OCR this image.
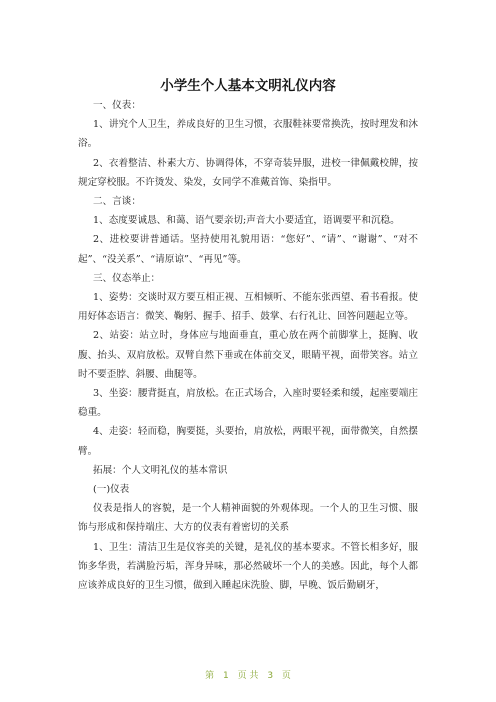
小学生个人基本文明礼仪内容

一、仪表：

1、讲究个人卫生，养成良好的卫生习惯，衣服鞋袜要常换洗，按时理发和沐浴。

2、衣着整洁、朴素大方、协调得体，不穿奇装异服，进校一律佩戴校牌，按规定穿校服。不许烫发、染发，女同学不准戴首饰、染指甲。

二、言谈：

1、态度要诚恳、和蔼、语气要亲切;声音大小要适宜，语调要平和沉稳。

2、进校要讲普通话。坚持使用礼貌用语：“您好”、“请”、“谢谢”、“对不起”、“没关系”、“请原谅”、“再见”等。

三、仪态举止：

1、姿势：交谈时双方要互相正视、互相倾听、不能东张西望、看书看报。使用好体态语言：微笑、鞠躬、握手、招手、鼓掌、右行礼让、回答问题起立等。

2、站姿：站立时，身体应与地面垂直，重心放在两个前脚掌上，挺胸、收腹、抬头、双肩放松。双臂自然下垂或在体前交叉，眼睛平视，面带笑容。站立时不要歪脖、斜腰、曲腿等。

3、坐姿：腰背挺直，肩放松。在正式场合，入座时要轻柔和缓，起座要端庄稳重。

4、走姿：轻而稳，胸要挺，头要抬，肩放松，两眼平视，面带微笑，自然摆臂。

拓展：个人文明礼仪的基本常识

(一)仪表

仪表是指人的容貌，是一个人精神面貌的外观体现。一个人的卫生习惯、服饰与形成和保持端庄、大方的仪表有着密切的关系

1、卫生：清洁卫生是仪容美的关键，是礼仪的基本要求。不管长相多好，服饰多华贵，若满脸污垢，浑身异味，那必然破坏一个人的美感。因此，每个人都应该养成良好的卫生习惯，做到入睡起床洗脸、脚，早晚、饭后勤刷牙，

第 1 页 共 3 页
